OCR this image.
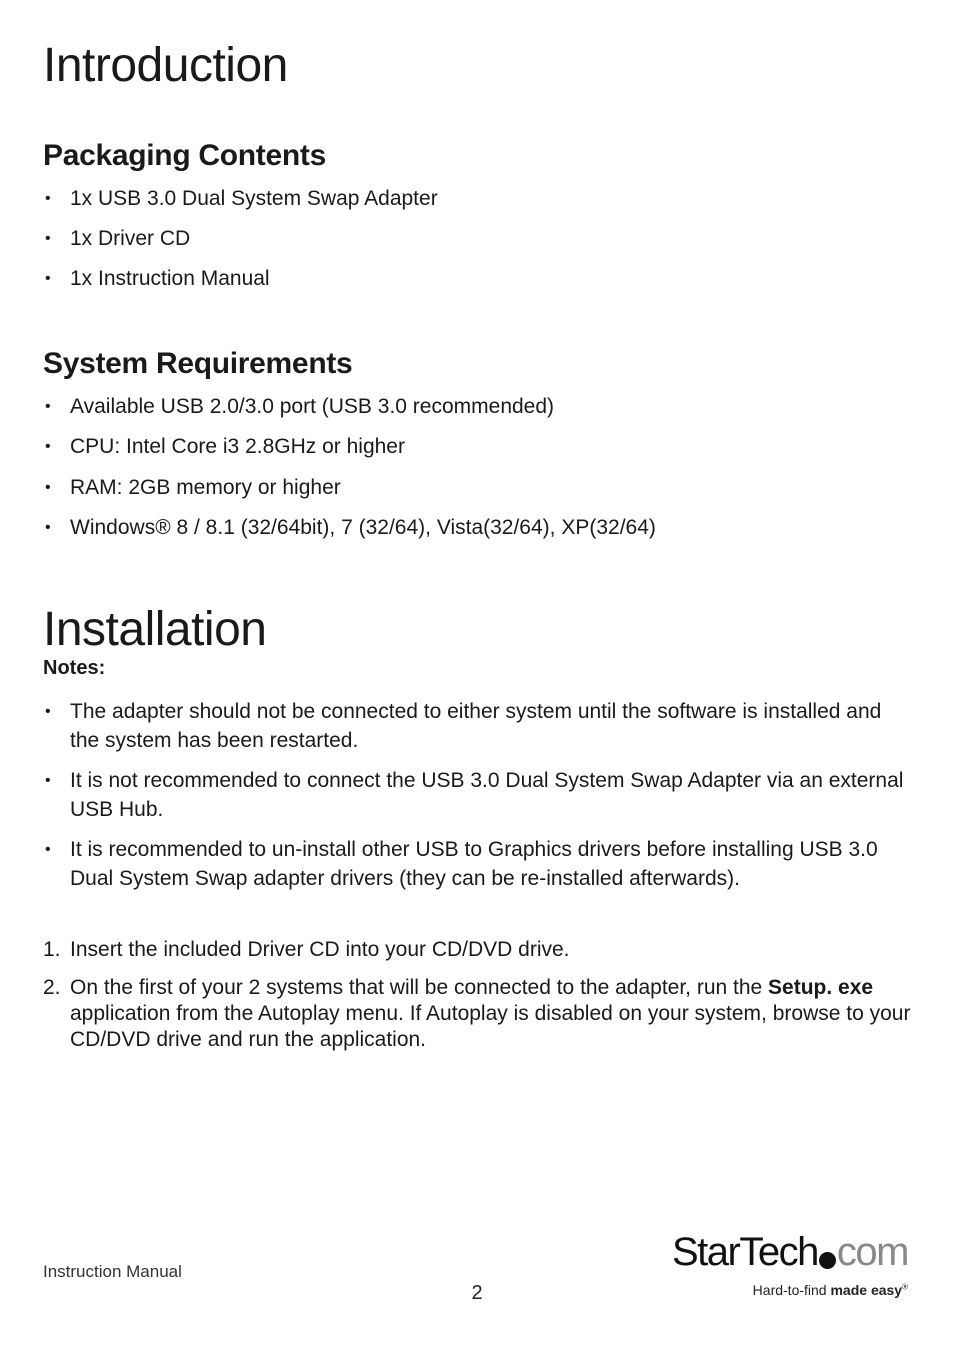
Introduction
Packaging Contents
• 1x USB 3.0 Dual System Swap Adapter
• 1x Driver CD
• 1x Instruction Manual
System Requirements
• Available USB 2.0/3.0 port (USB 3.0 recommended)
• CPU: Intel Core i3 2.8GHz or higher
• RAM: 2GB memory or higher
• Windows® 8 / 8.1 (32/64bit), 7 (32/64), Vista(32/64), XP(32/64)
Installation
Notes:
• The adapter should not be connected to either system until the software is installed and the system has been restarted.
• It is not recommended to connect the USB 3.0 Dual System Swap Adapter via an external USB Hub.
• It is recommended to un-install other USB to Graphics drivers before installing USB 3.0 Dual System Swap adapter drivers (they can be re-installed afterwards).
1. Insert the included Driver CD into your CD/DVD drive.
2. On the first of your 2 systems that will be connected to the adapter, run the Setup. exe application from the Autoplay menu. If Autoplay is disabled on your system, browse to your CD/DVD drive and run the application.
Instruction Manual
2
StarTech com
Hard-to-find made easy®
